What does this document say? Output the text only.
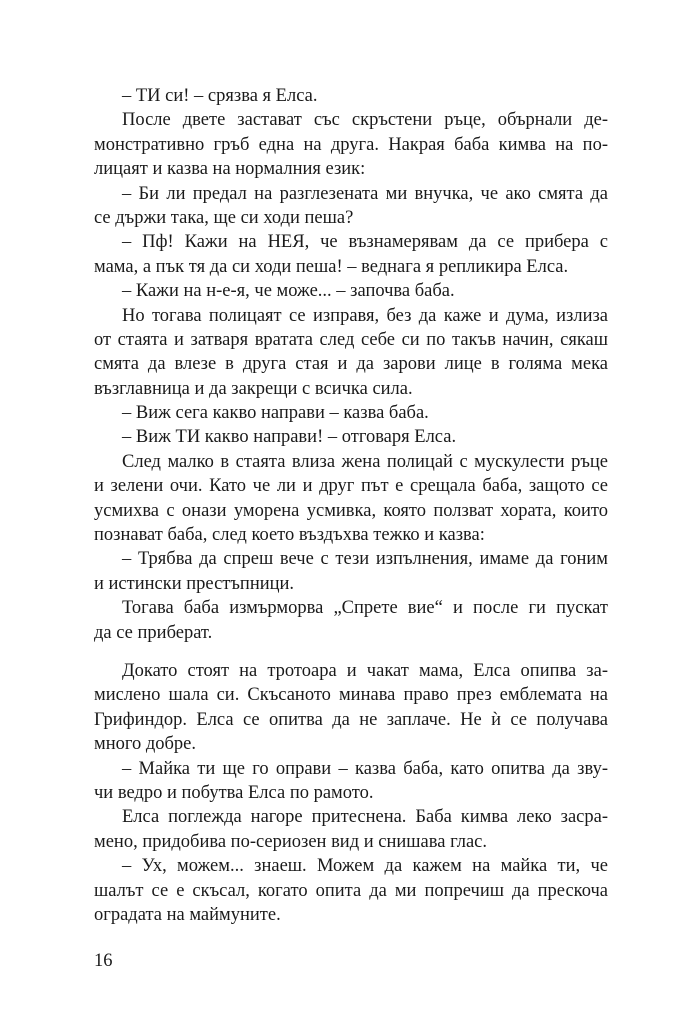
– ТИ си! – срязва я Елса.
После двете застават със скръстени ръце, обърнали де-
монстративно гръб една на друга. Накрая баба кимва на по-
лицаят и казва на нормалния език:
– Би ли предал на разглезената ми внучка, че ако смята да
се държи така, ще си ходи пеша?
– Пф! Кажи на НЕЯ, че възнамерявам да се прибера с
мама, а пък тя да си ходи пеша! – веднага я репликира Елса.
– Кажи на н-е-я, че може... – започва баба.
Но тогава полицаят се изправя, без да каже и дума, излиза
от стаята и затваря вратата след себе си по такъв начин, сякаш
смята да влезе в друга стая и да зарови лице в голяма мека
възглавница и да закрещи с всичка сила.
– Виж сега какво направи – казва баба.
– Виж ТИ какво направи! – отговаря Елса.
След малко в стаята влиза жена полицай с мускулести ръце
и зелени очи. Като че ли и друг път е срещала баба, защото се
усмихва с онази уморена усмивка, която ползват хората, които
познават баба, след което въздъхва тежко и казва:
– Трябва да спреш вече с тези изпълнения, имаме да гоним
и истински престъпници.
Тогава баба измърморва „Спрете вие“ и после ги пускат
да се приберат.
Докато стоят на тротоара и чакат мама, Елса опипва за-
мислено шала си. Скъсаното минава право през емблемата на
Грифиндор. Елса се опитва да не заплаче. Не ѝ се получава
много добре.
– Майка ти ще го оправи – казва баба, като опитва да зву-
чи ведро и побутва Елса по рамото.
Елса поглежда нагоре притеснена. Баба кимва леко засра-
мено, придобива по-сериозен вид и снишава глас.
– Ух, можем... знаеш. Можем да кажем на майка ти, че
шалът се е скъсал, когато опита да ми попречиш да прескоча
оградата на маймуните.
16
